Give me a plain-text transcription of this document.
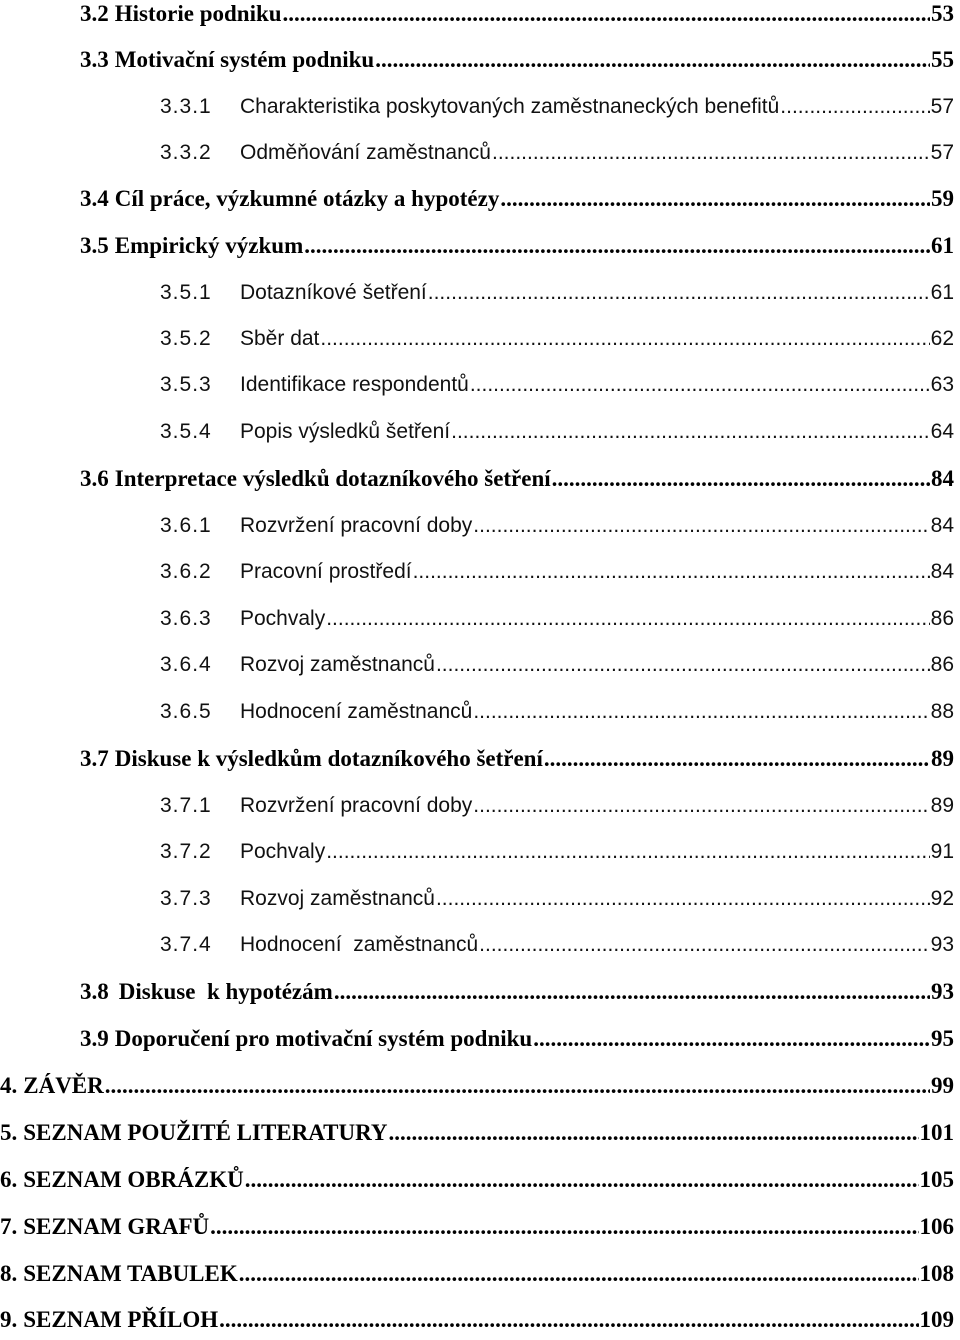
3.2 Historie podniku .....	53
3.3 Motivační systém podniku .....	55
3.3.1	Charakteristika poskytovaných zaměstnaneckých benefitů .....	57
3.3.2	Odměňování zaměstnanců .....	57
3.4 Cíl práce, výzkumné otázky a hypotézy .....	59
3.5 Empirický výzkum .....	61
3.5.1	Dotazníkové šetření .....	61
3.5.2	Sběr dat .....	62
3.5.3	Identifikace respondentů .....	63
3.5.4	Popis výsledků šetření .....	64
3.6 Interpretace výsledků dotazníkového šetření .....	84
3.6.1	Rozvržení pracovní doby .....	84
3.6.2	Pracovní prostředí .....	84
3.6.3	Pochvaly .....	86
3.6.4	Rozvoj zaměstnanců .....	86
3.6.5	Hodnocení zaměstnanců .....	88
3.7 Diskuse k výsledkům dotazníkového šetření .....	89
3.7.1	Rozvržení pracovní doby .....	89
3.7.2	Pochvaly .....	91
3.7.3	Rozvoj zaměstnanců .....	92
3.7.4	Hodnocení  zaměstnanců .....	93
3.8 Diskuse  k hypotézám .....	93
3.9 Doporučení pro motivační systém podniku .....	95
4. ZÁVĚR .....	99
5. SEZNAM POUŽITÉ LITERATURY .....	101
6. SEZNAM OBRÁZKŮ .....	105
7. SEZNAM GRAFŮ .....	106
8. SEZNAM TABULEK .....	108
9. SEZNAM PŘÍLOH .....	109
